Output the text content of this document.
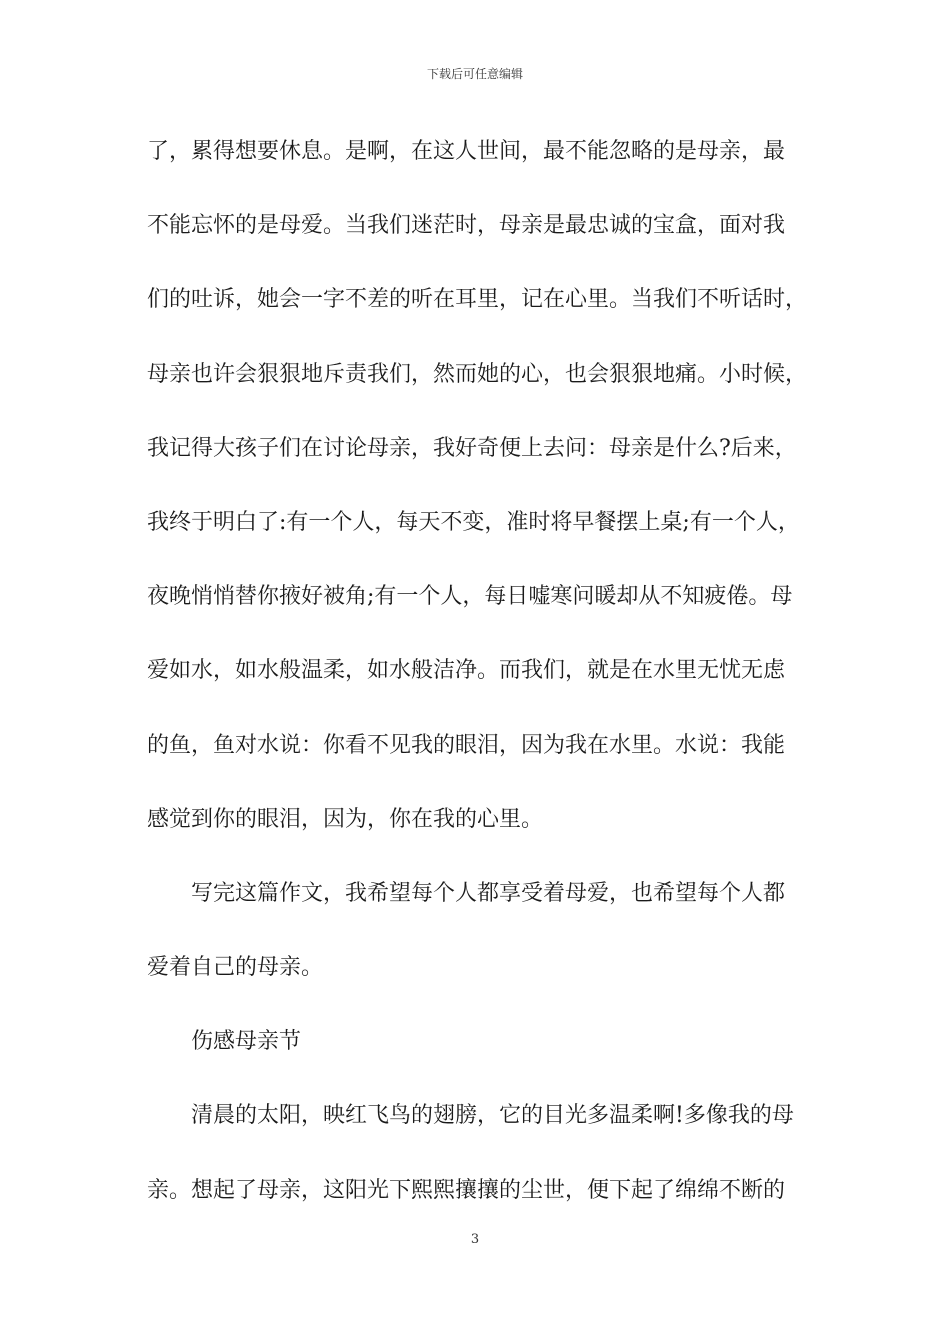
下载后可任意编辑
了，累得想要休息。是啊，在这人世间，最不能忽略的是母亲，最
不能忘怀的是母爱。当我们迷茫时，母亲是最忠诚的宝盒，面对我
们的吐诉，她会一字不差的听在耳里，记在心里。当我们不听话时，
母亲也许会狠狠地斥责我们，然而她的心，也会狠狠地痛。小时候，
我记得大孩子们在讨论母亲，我好奇便上去问：母亲是什么?后来，
我终于明白了:有一个人，每天不变，准时将早餐摆上桌;有一个人，
夜晚悄悄替你掖好被角;有一个人，每日嘘寒问暖却从不知疲倦。母
爱如水，如水般温柔，如水般洁净。而我们，就是在水里无忧无虑
的鱼，鱼对水说：你看不见我的眼泪，因为我在水里。水说：我能
感觉到你的眼泪，因为，你在我的心里。
写完这篇作文，我希望每个人都享受着母爱，也希望每个人都
爱着自己的母亲。
伤感母亲节
清晨的太阳，映红飞鸟的翅膀，它的目光多温柔啊!多像我的母
亲。想起了母亲，这阳光下熙熙攘攘的尘世，便下起了绵绵不断的
3
